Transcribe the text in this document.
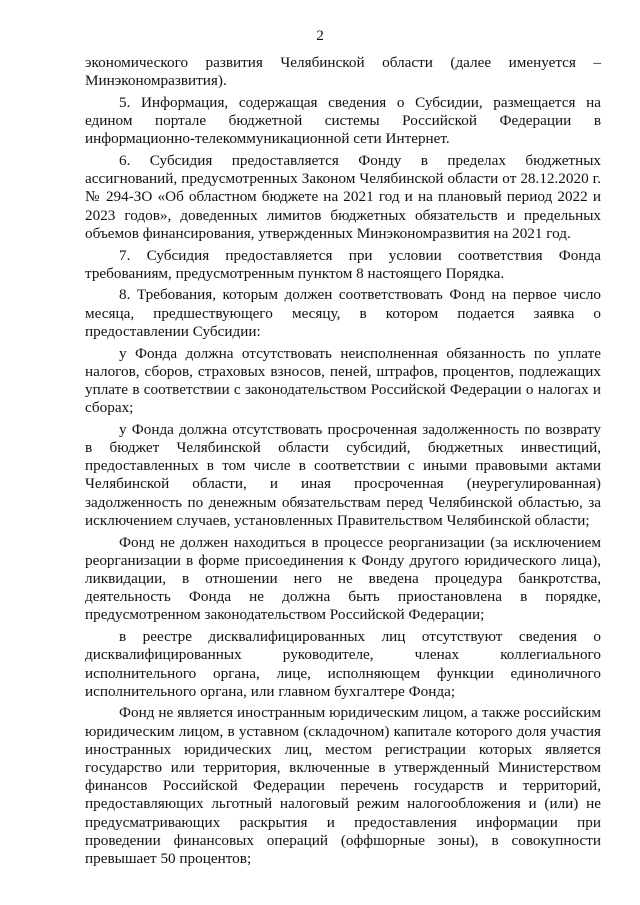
2

экономического развития Челябинской области (далее именуется – Минэкономразвития).

5. Информация, содержащая сведения о Субсидии, размещается на едином портале бюджетной системы Российской Федерации в информационно-телекоммуникационной сети Интернет.

6. Субсидия предоставляется Фонду в пределах бюджетных ассигнований, предусмотренных Законом Челябинской области от 28.12.2020 г. № 294-ЗО «Об областном бюджете на 2021 год и на плановый период 2022 и 2023 годов», доведенных лимитов бюджетных обязательств и предельных объемов финансирования, утвержденных Минэкономразвития на 2021 год.

7. Субсидия предоставляется при условии соответствия Фонда требованиям, предусмотренным пунктом 8 настоящего Порядка.

8. Требования, которым должен соответствовать Фонд на первое число месяца, предшествующего месяцу, в котором подается заявка о предоставлении Субсидии:

у Фонда должна отсутствовать неисполненная обязанность по уплате налогов, сборов, страховых взносов, пеней, штрафов, процентов, подлежащих уплате в соответствии с законодательством Российской Федерации о налогах и сборах;

у Фонда должна отсутствовать просроченная задолженность по возврату в бюджет Челябинской области субсидий, бюджетных инвестиций, предоставленных в том числе в соответствии с иными правовыми актами Челябинской области, и иная просроченная (неурегулированная) задолженность по денежным обязательствам перед Челябинской областью, за исключением случаев, установленных Правительством Челябинской области;

Фонд не должен находиться в процессе реорганизации (за исключением реорганизации в форме присоединения к Фонду другого юридического лица), ликвидации, в отношении него не введена процедура банкротства, деятельность Фонда не должна быть приостановлена в порядке, предусмотренном законодательством Российской Федерации;

в реестре дисквалифицированных лиц отсутствуют сведения о дисквалифицированных руководителе, членах коллегиального исполнительного органа, лице, исполняющем функции единоличного исполнительного органа, или главном бухгалтере Фонда;

Фонд не является иностранным юридическим лицом, а также российским юридическим лицом, в уставном (складочном) капитале которого доля участия иностранных юридических лиц, местом регистрации которых является государство или территория, включенные в утвержденный Министерством финансов Российской Федерации перечень государств и территорий, предоставляющих льготный налоговый режим налогообложения и (или) не предусматривающих раскрытия и предоставления информации при проведении финансовых операций (оффшорные зоны), в совокупности превышает 50 процентов;
